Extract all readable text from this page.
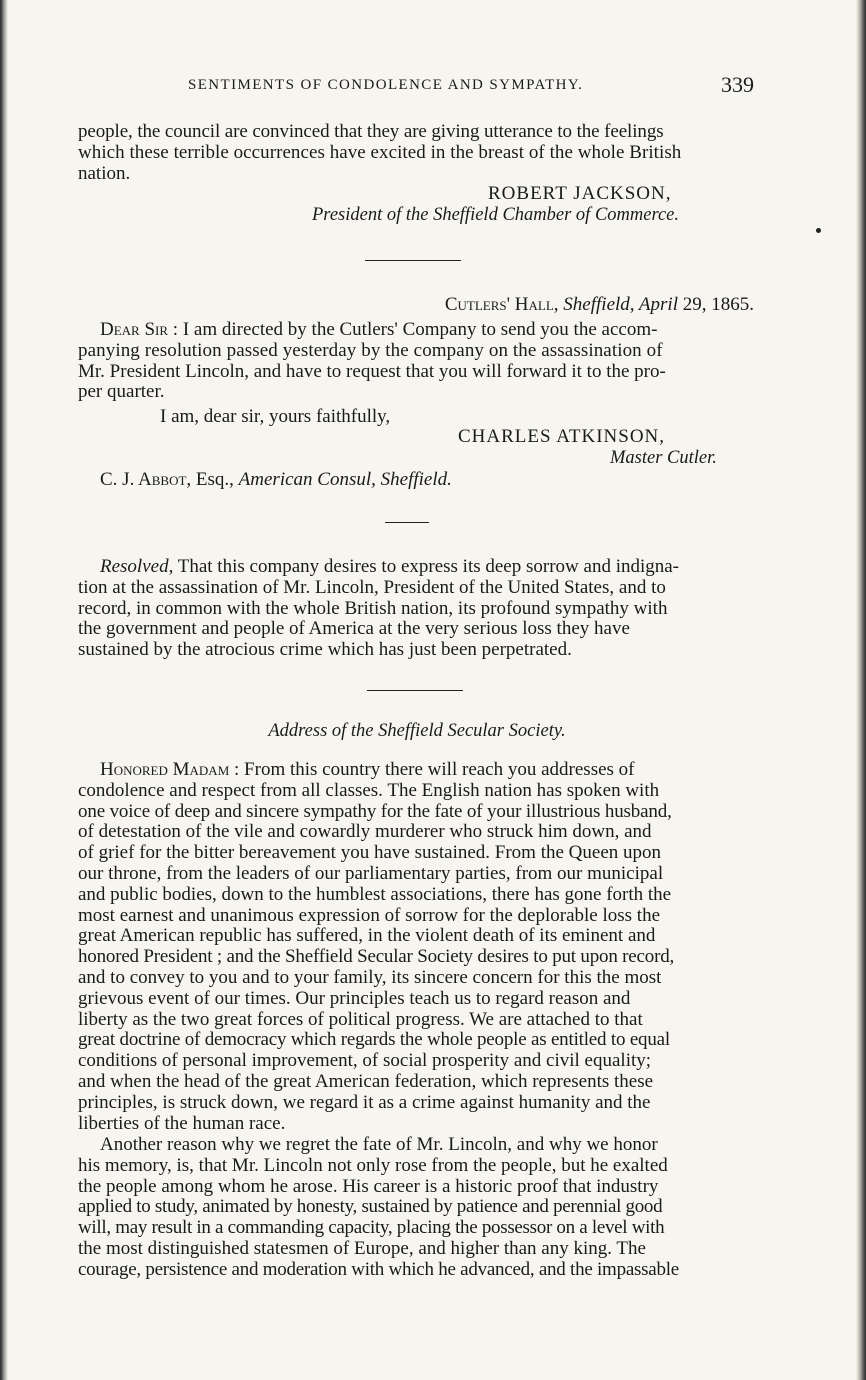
SENTIMENTS OF CONDOLENCE AND SYMPATHY.	339
people, the council are convinced that they are giving utterance to the feelings
which these terrible occurrences have excited in the breast of the whole British
nation.
ROBERT JACKSON,
President of the Sheffield Chamber of Commerce.
Cutlers' Hall, Sheffield, April 29, 1865.
Dear Sir : I am directed by the Cutlers' Company to send you the accom-
panying resolution passed yesterday by the company on the assassination of
Mr. President Lincoln, and have to request that you will forward it to the pro-
per quarter.
I am, dear sir, yours faithfully,
CHARLES ATKINSON,
Master Cutler.
C. J. Abbot, Esq., American Consul, Sheffield.
Resolved, That this company desires to express its deep sorrow and indigna-
tion at the assassination of Mr. Lincoln, President of the United States, and to
record, in common with the whole British nation, its profound sympathy with
the government and people of America at the very serious loss they have
sustained by the atrocious crime which has just been perpetrated.
Address of the Sheffield Secular Society.
Honored Madam : From this country there will reach you addresses of
condolence and respect from all classes. The English nation has spoken with
one voice of deep and sincere sympathy for the fate of your illustrious husband,
of detestation of the vile and cowardly murderer who struck him down, and
of grief for the bitter bereavement you have sustained. From the Queen upon
our throne, from the leaders of our parliamentary parties, from our municipal
and public bodies, down to the humblest associations, there has gone forth the
most earnest and unanimous expression of sorrow for the deplorable loss the
great American republic has suffered, in the violent death of its eminent and
honored President ; and the Sheffield Secular Society desires to put upon record,
and to convey to you and to your family, its sincere concern for this the most
grievous event of our times. Our principles teach us to regard reason and
liberty as the two great forces of political progress. We are attached to that
great doctrine of democracy which regards the whole people as entitled to equal
conditions of personal improvement, of social prosperity and civil equality;
and when the head of the great American federation, which represents these
principles, is struck down, we regard it as a crime against humanity and the
liberties of the human race.
Another reason why we regret the fate of Mr. Lincoln, and why we honor
his memory, is, that Mr. Lincoln not only rose from the people, but he exalted
the people among whom he arose. His career is a historic proof that industry
applied to study, animated by honesty, sustained by patience and perennial good
will, may result in a commanding capacity, placing the possessor on a level with
the most distinguished statesmen of Europe, and higher than any king. The
courage, persistence and moderation with which he advanced, and the impassable
